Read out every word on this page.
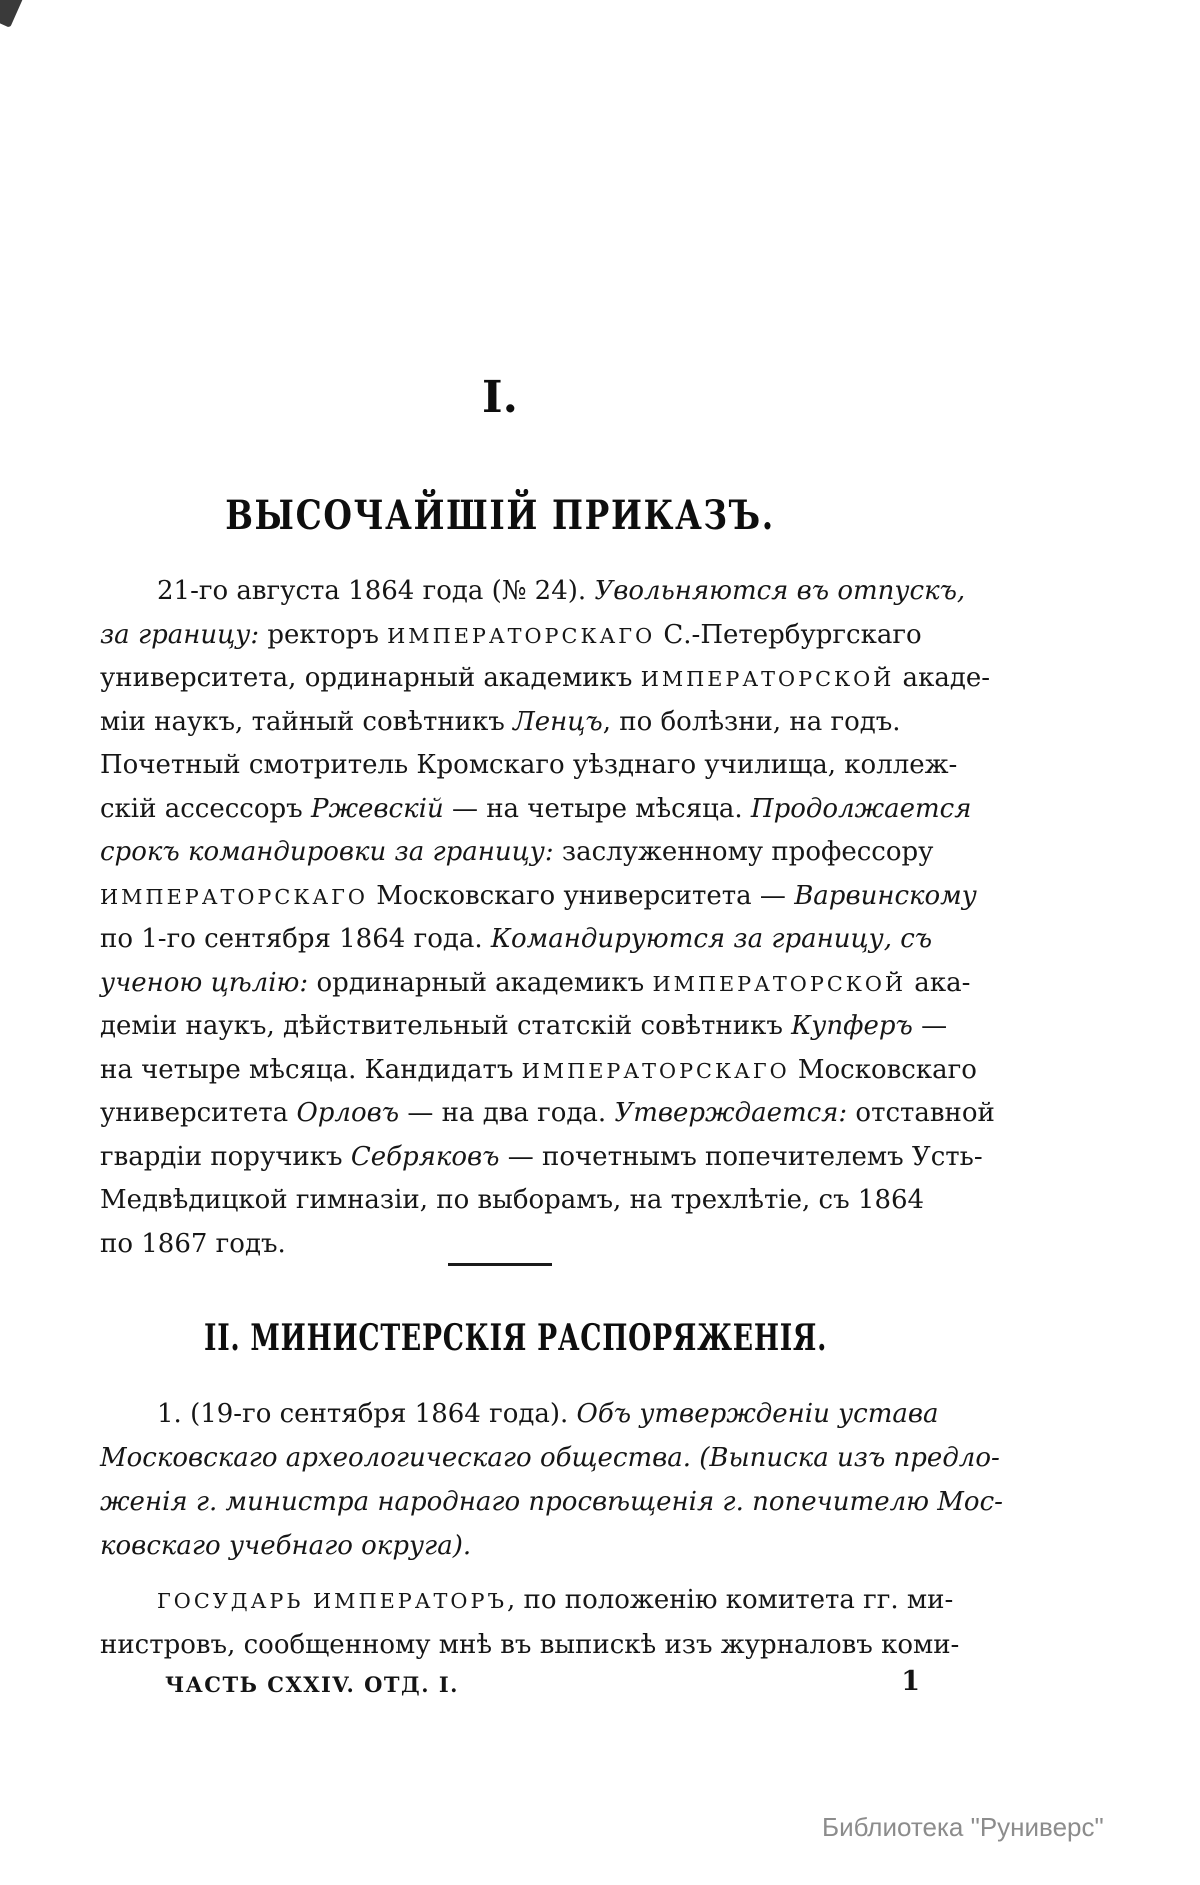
I.
ВЫСОЧАЙШІЙ ПРИКАЗЪ.
21-го августа 1864 года (№ 24). Увольняются въ отпускъ,
за границу: ректоръ ИМПЕРАТОРСКАГО С.-Петербургскаго
университета, ординарный академикъ ИМПЕРАТОРСКОЙ акаде-
міи наукъ, тайный совѣтникъ Ленцъ, по болѣзни, на годъ.
Почетный смотритель Кромскаго уѣзднаго училища, коллеж-
скій ассессоръ Ржевскій — на четыре мѣсяца. Продолжается
срокъ командировки за границу: заслуженному профессору
ИМПЕРАТОРСКАГО Московскаго университета — Варвинскому
по 1-го сентября 1864 года. Командируются за границу, съ
ученою цѣлію: ординарный академикъ ИМПЕРАТОРСКОЙ ака-
деміи наукъ, дѣйствительный статскій совѣтникъ Купферъ —
на четыре мѣсяца. Кандидатъ ИМПЕРАТОРСКАГО Московскаго
университета Орловъ — на два года. Утверждается: отставной
гвардіи поручикъ Себряковъ — почетнымъ попечителемъ Усть-
Медвѣдицкой гимназіи, по выборамъ, на трехлѣтіе, съ 1864
по 1867 годъ.
II. МИНИСТЕРСКІЯ РАСПОРЯЖЕНІЯ.
1. (19-го сентября 1864 года). Объ утвержденіи устава
Московскаго археологическаго общества. (Выписка изъ предло-
женія г. министра народнаго просвѣщенія г. попечителю Мос-
ковскаго учебнаго округа).
ГОСУДАРЬ ИМПЕРАТОРЪ, по положенію комитета гг. ми-
нистровъ, сообщенному мнѣ въ выпискѣ изъ журналовъ коми-
ЧАСТЬ CXXIV. ОТД. I.	1
Библиотека "Руниверс"
